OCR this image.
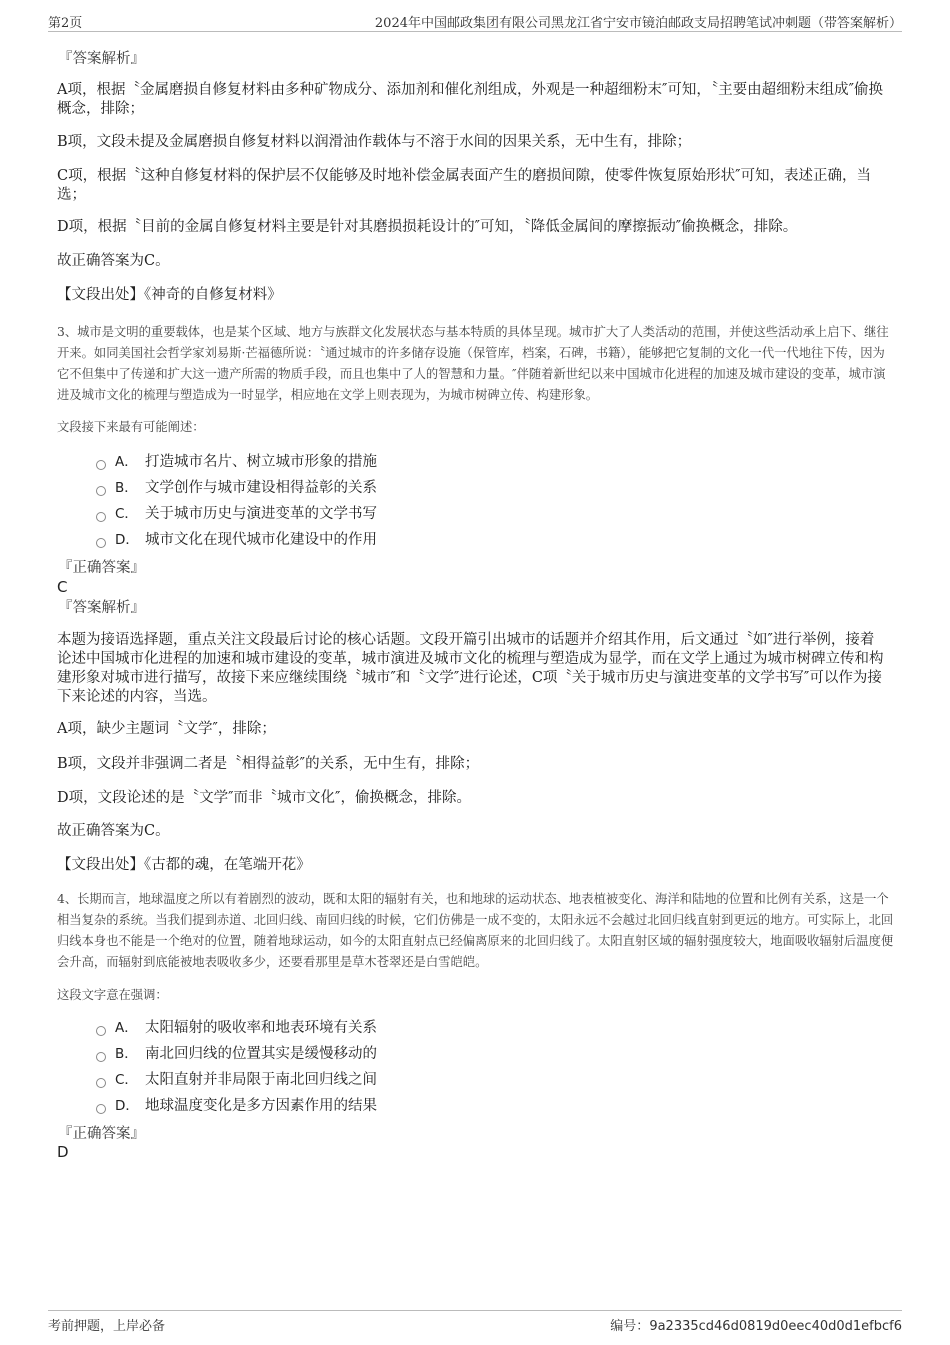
第2页	2024年中国邮政集团有限公司黑龙江省宁安市镜泊邮政支局招聘笔试冲刺题（带答案解析）
『答案解析』
A项，根据〝金属磨损自修复材料由多种矿物成分、添加剂和催化剂组成，外观是一种超细粉末″可知，〝主要由超细粉末组成″偷换概念，排除；
B项，文段未提及金属磨损自修复材料以润滑油作载体与不溶于水间的因果关系，无中生有，排除；
C项，根据〝这种自修复材料的保护层不仅能够及时地补偿金属表面产生的磨损间隙，使零件恢复原始形状″可知，表述正确，当选；
D项，根据〝目前的金属自修复材料主要是针对其磨损损耗设计的″可知，〝降低金属间的摩擦振动″偷换概念，排除。
故正确答案为C。
【文段出处】《神奇的自修复材料》
3、城市是文明的重要载体，也是某个区域、地方与族群文化发展状态与基本特质的具体呈现。城市扩大了人类活动的范围，并使这些活动承上启下、继往开来。如同美国社会哲学家刘易斯·芒福德所说：〝通过城市的许多储存设施（保管库，档案，石碑，书籍），能够把它复制的文化一代一代地往下传，因为它不但集中了传递和扩大这一遗产所需的物质手段，而且也集中了人的智慧和力量。″伴随着新世纪以来中国城市化进程的加速及城市建设的变革，城市演进及城市文化的梳理与塑造成为一时显学，相应地在文学上则表现为，为城市树碑立传、构建形象。
文段接下来最有可能阐述：
A． 打造城市名片、树立城市形象的措施
B． 文学创作与城市建设相得益彰的关系
C． 关于城市历史与演进变革的文学书写
D． 城市文化在现代城市化建设中的作用
『正确答案』
C
『答案解析』
本题为接语选择题，重点关注文段最后讨论的核心话题。文段开篇引出城市的话题并介绍其作用，后文通过〝如″进行举例，接着论述中国城市化进程的加速和城市建设的变革，城市演进及城市文化的梳理与塑造成为显学，而在文学上通过为城市树碑立传和构建形象对城市进行描写，故接下来应继续围绕〝城市″和〝文学″进行论述，C项〝关于城市历史与演进变革的文学书写″可以作为接下来论述的内容，当选。
A项，缺少主题词〝文学″，排除；
B项，文段并非强调二者是〝相得益彰″的关系，无中生有，排除；
D项，文段论述的是〝文学″而非〝城市文化″，偷换概念，排除。
故正确答案为C。
【文段出处】《古都的魂，在笔端开花》
4、长期而言，地球温度之所以有着剧烈的波动，既和太阳的辐射有关，也和地球的运动状态、地表植被变化、海洋和陆地的位置和比例有关系，这是一个相当复杂的系统。当我们提到赤道、北回归线、南回归线的时候，它们仿佛是一成不变的，太阳永远不会越过北回归线直射到更远的地方。可实际上，北回归线本身也不能是一个绝对的位置，随着地球运动，如今的太阳直射点已经偏离原来的北回归线了。太阳直射区域的辐射强度较大，地面吸收辐射后温度便会升高，而辐射到底能被地表吸收多少，还要看那里是草木苍翠还是白雪皑皑。
这段文字意在强调：
A． 太阳辐射的吸收率和地表环境有关系
B． 南北回归线的位置其实是缓慢移动的
C． 太阳直射并非局限于南北回归线之间
D． 地球温度变化是多方因素作用的结果
『正确答案』
D
考前押题，上岸必备	编号：9a2335cd46d0819d0eec40d0d1efbcf6
